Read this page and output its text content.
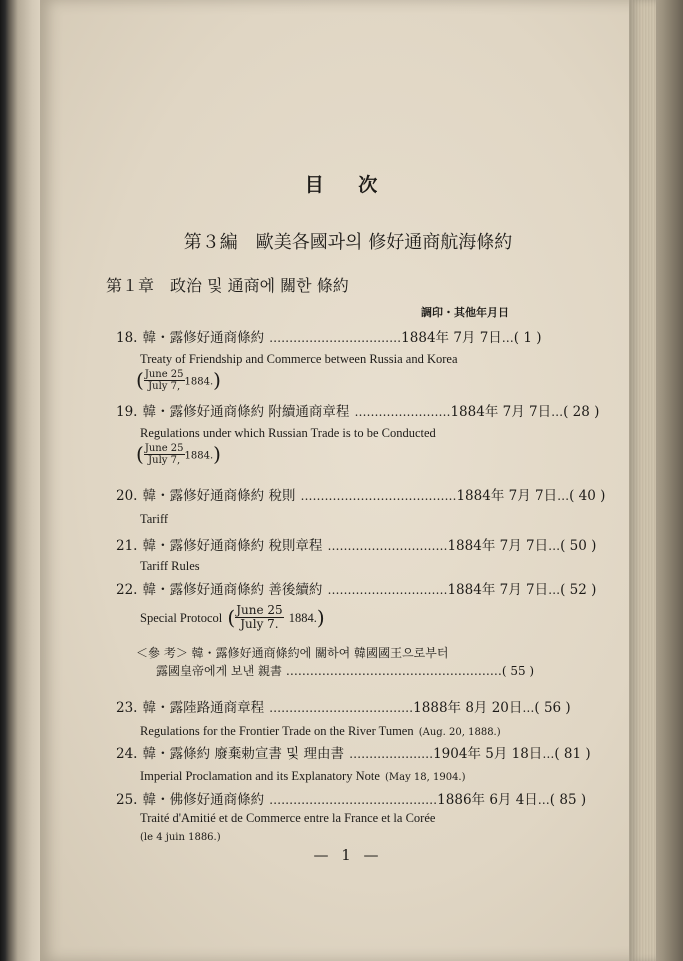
目 次
第３編　歐美各國과의 修好通商航海條約
第１章　政治 및 通商에 關한 條約
調印・其他年月日
18. 韓・露修好通商條約 ……………………………1884年 7月 7日…( 1 )
Treaty of Friendship and Commerce between Russia and Korea
( $\frac{\text{June 25}}{\text{July 7,}}1884$.)
19. 韓・露修好通商條約 附續通商章程 ……………………1884年 7月 7日…( 28 )
Regulations under which Russian Trade is to be Conducted
( $\frac{\text{June 25}}{\text{July 7,}}1884$.)
20. 韓・露修好通商條約 稅則 …………………………………1884年 7月 7日…( 40 )
Tariff
21. 韓・露修好通商條約 稅則章程 …………………………1884年 7月 7日…( 50 )
Tariff Rules
22. 韓・露修好通商條約 善後續約 …………………………1884年 7月 7日…( 52 )
Special Protocol ( $\frac{\text{June 25}}{\text{July 7.}} 1884$.)
＜參 考＞ 韓・露修好通商條約에 關하여 韓國國王으로부터
露國皇帝에게 보낸 親書 ………………………………………………( 55 )
23. 韓・露陸路通商章程 ………………………………1888年 8月 20日…( 56 )
Regulations for the Frontier Trade on the River Tumen (Aug. 20, 1888.)
24. 韓・露條約 廢棄勅宣書 및 理由書 …………………1904年 5月 18日…( 81 )
Imperial Proclamation and its Explanatory Note (May 18, 1904.)
25. 韓・佛修好通商條約 ……………………………………1886年 6月 4日…( 85 )
Traité d'Amitié et de Commerce entre la France et la Corée
(le 4 juin 1886.)
— 1 —
